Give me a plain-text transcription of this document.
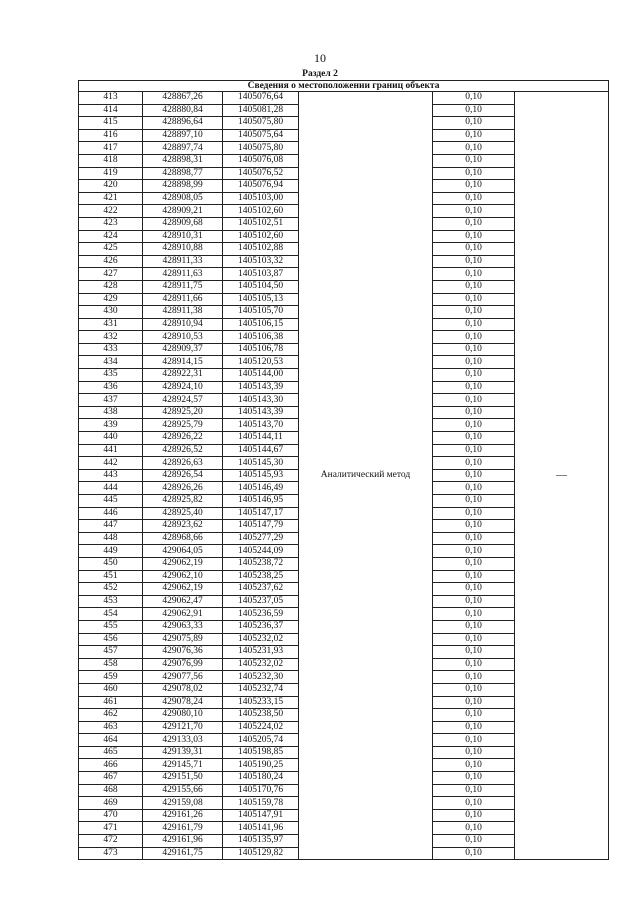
10
Раздел 2
Сведения о местоположении границ объекта					
413	428867,26	1405076,64	Аналитический метод	0,10	—
414	428880,84	1405081,28		0,10	
415	428896,64	1405075,80		0,10	
416	428897,10	1405075,64		0,10	
417	428897,74	1405075,80		0,10	
418	428898,31	1405076,08		0,10	
419	428898,77	1405076,52		0,10	
420	428898,99	1405076,94		0,10	
421	428908,05	1405103,00		0,10	
422	428909,21	1405102,60		0,10	
423	428909,68	1405102,51		0,10	
424	428910,31	1405102,60		0,10	
425	428910,88	1405102,88		0,10	
426	428911,33	1405103,32		0,10	
427	428911,63	1405103,87		0,10	
428	428911,75	1405104,50		0,10	
429	428911,66	1405105,13		0,10	
430	428911,38	1405105,70		0,10	
431	428910,94	1405106,15		0,10	
432	428910,53	1405106,38		0,10	
433	428909,37	1405106,78		0,10	
434	428914,15	1405120,53		0,10	
435	428922,31	1405144,00		0,10	
436	428924,10	1405143,39		0,10	
437	428924,57	1405143,30		0,10	
438	428925,20	1405143,39		0,10	
439	428925,79	1405143,70		0,10	
440	428926,22	1405144,11		0,10	
441	428926,52	1405144,67		0,10	
442	428926,63	1405145,30		0,10	
443	428926,54	1405145,93		0,10	
444	428926,26	1405146,49		0,10	
445	428925,82	1405146,95		0,10	
446	428925,40	1405147,17		0,10	
447	428923,62	1405147,79		0,10	
448	428968,66	1405277,29		0,10	
449	429064,05	1405244,09		0,10	
450	429062,19	1405238,72		0,10	
451	429062,10	1405238,25		0,10	
452	429062,19	1405237,62		0,10	
453	429062,47	1405237,05		0,10	
454	429062,91	1405236,59		0,10	
455	429063,33	1405236,37		0,10	
456	429075,89	1405232,02		0,10	
457	429076,36	1405231,93		0,10	
458	429076,99	1405232,02		0,10	
459	429077,56	1405232,30		0,10	
460	429078,02	1405232,74		0,10	
461	429078,24	1405233,15		0,10	
462	429080,10	1405238,50		0,10	
463	429121,70	1405224,02		0,10	
464	429133,03	1405205,74		0,10	
465	429139,31	1405198,85		0,10	
466	429145,71	1405190,25		0,10	
467	429151,50	1405180,24		0,10	
468	429155,66	1405170,76		0,10	
469	429159,08	1405159,78		0,10	
470	429161,26	1405147,91		0,10	
471	429161,79	1405141,96		0,10	
472	429161,96	1405135,97		0,10	
473	429161,75	1405129,82		0,10	
